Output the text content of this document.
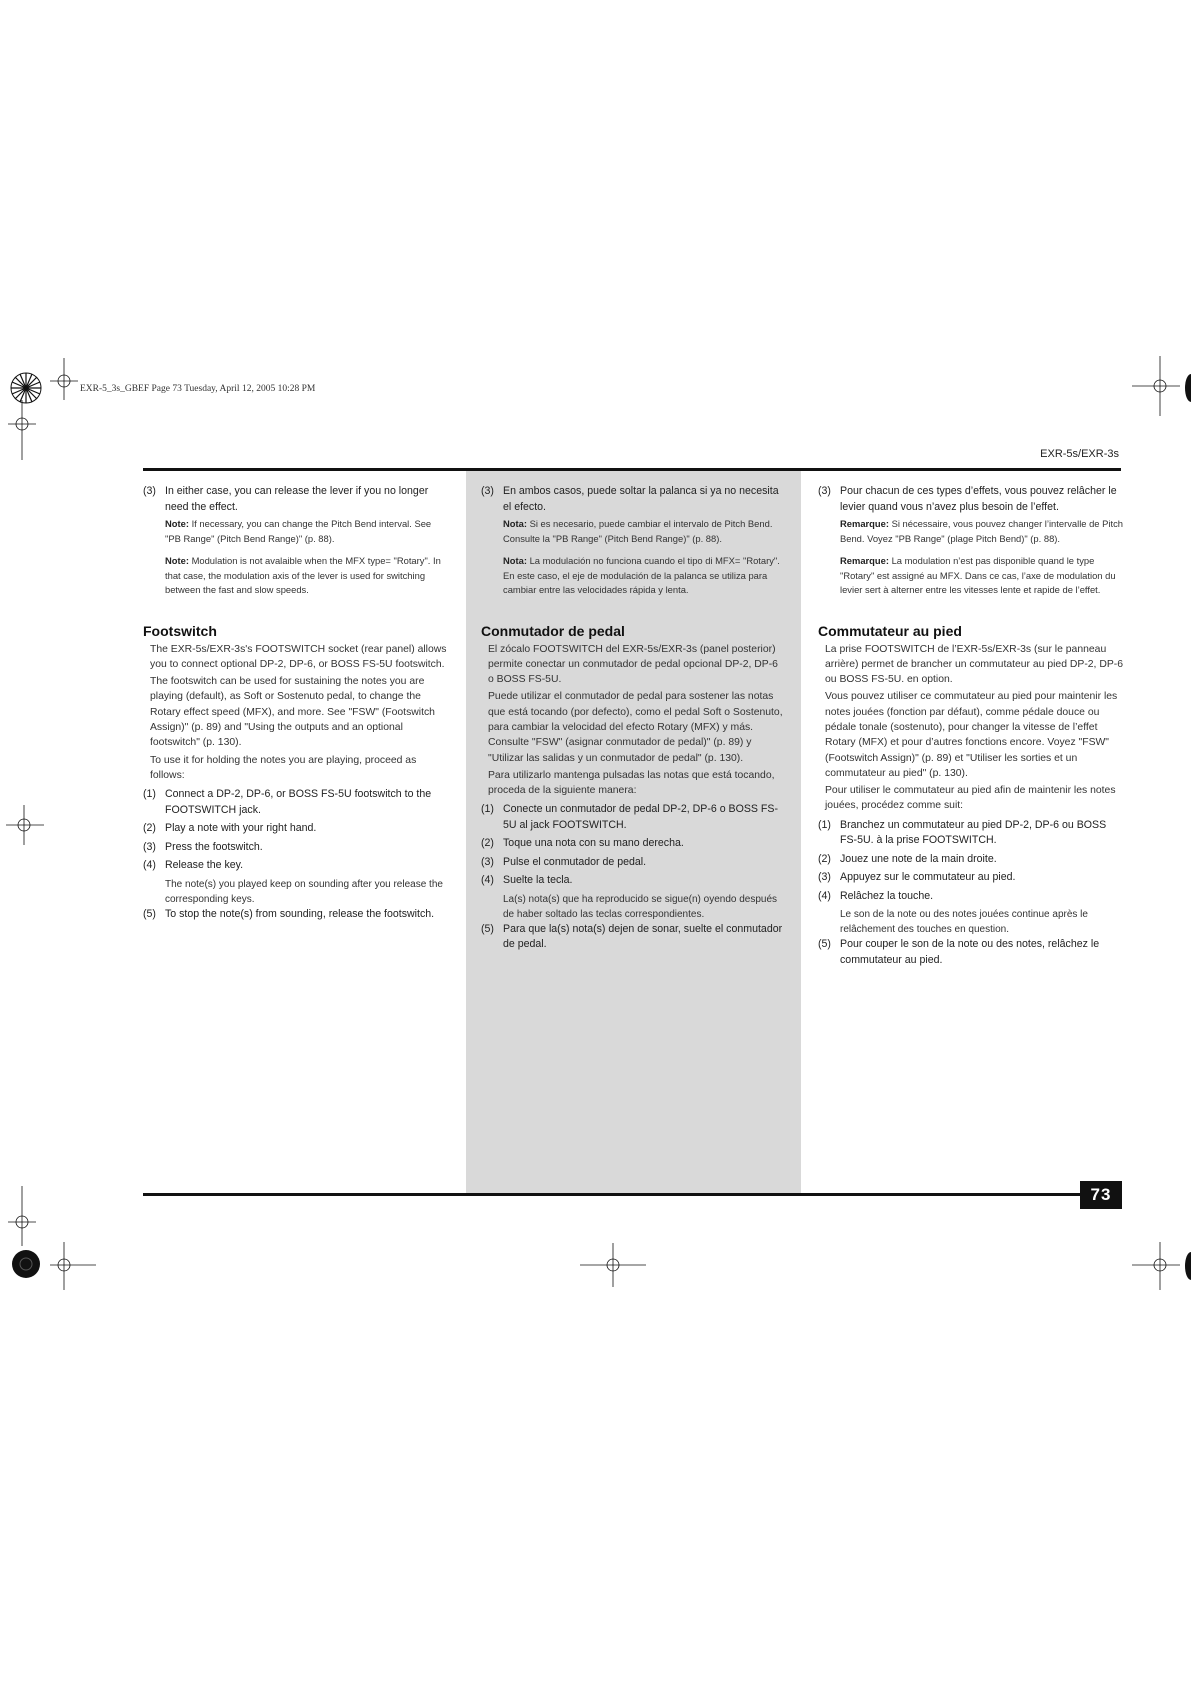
EXR-5_3s_GBEF Page 73 Tuesday, April 12, 2005 10:28 PM
EXR-5s/EXR-3s

(3) In either case, you can release the lever if you no longer need the effect.

Note: If necessary, you can change the Pitch Bend interval. See "PB Range" (Pitch Bend Range)" (p. 88).

Note: Modulation is not avalaible when the MFX type= "Rotary". In that case, the modulation axis of the lever is used for switching between the fast and slow speeds.

Footswitch

The EXR-5s/EXR-3s's FOOTSWITCH socket (rear panel) allows you to connect optional DP-2, DP-6, or BOSS FS-5U footswitch.

The footswitch can be used for sustaining the notes you are playing (default), as Soft or Sostenuto pedal, to change the Rotary effect speed (MFX), and more. See "FSW" (Footswitch Assign)" (p. 89) and "Using the outputs and an optional footswitch" (p. 130).

To use it for holding the notes you are playing, proceed as follows:

(1) Connect a DP-2, DP-6, or BOSS FS-5U footswitch to the FOOTSWITCH jack.

(2) Play a note with your right hand.

(3) Press the footswitch.

(4) Release the key.

The note(s) you played keep on sounding after you release the corresponding keys.

(5) To stop the note(s) from sounding, release the footswitch.

(3) En ambos casos, puede soltar la palanca si ya no necesita el efecto.

Nota: Si es necesario, puede cambiar el intervalo de Pitch Bend. Consulte la "PB Range" (Pitch Bend Range)" (p. 88).

Nota: La modulación no funciona cuando el tipo di MFX= "Rotary". En este caso, el eje de modulación de la palanca se utiliza para cambiar entre las velocidades rápida y lenta.

Conmutador de pedal

El zócalo FOOTSWITCH del EXR-5s/EXR-3s (panel posterior) permite conectar un conmutador de pedal opcional DP-2, DP-6 o BOSS FS-5U.

Puede utilizar el conmutador de pedal para sostener las notas que está tocando (por defecto), como el pedal Soft o Sostenuto, para cambiar la velocidad del efecto Rotary (MFX) y más. Consulte "FSW" (asignar conmutador de pedal)" (p. 89) y "Utilizar las salidas y un conmutador de pedal" (p. 130).

Para utilizarlo mantenga pulsadas las notas que está tocando, proceda de la siguiente manera:

(1) Conecte un conmutador de pedal DP-2, DP-6 o BOSS FS-5U al jack FOOTSWITCH.

(2) Toque una nota con su mano derecha.

(3) Pulse el conmutador de pedal.

(4) Suelte la tecla.

La(s) nota(s) que ha reproducido se sigue(n) oyendo después de haber soltado las teclas correspondientes.

(5) Para que la(s) nota(s) dejen de sonar, suelte el conmutador de pedal.

(3) Pour chacun de ces types d’effets, vous pouvez relâcher le levier quand vous n’avez plus besoin de l’effet.

Remarque: Si nécessaire, vous pouvez changer l’intervalle de Pitch Bend. Voyez "PB Range" (plage Pitch Bend)" (p. 88).

Remarque: La modulation n’est pas disponible quand le type "Rotary" est assigné au MFX. Dans ce cas, l’axe de modulation du levier sert à alterner entre les vitesses lente et rapide de l’effet.

Commutateur au pied

La prise FOOTSWITCH de l’EXR-5s/EXR-3s (sur le panneau arrière) permet de brancher un commutateur au pied DP-2, DP-6 ou BOSS FS-5U. en option.

Vous pouvez utiliser ce commutateur au pied pour maintenir les notes jouées (fonction par défaut), comme pédale douce ou pédale tonale (sostenuto), pour changer la vitesse de l’effet Rotary (MFX) et pour d’autres fonctions encore. Voyez "FSW" (Footswitch Assign)" (p. 89) et "Utiliser les sorties et un commutateur au pied" (p. 130).

Pour utiliser le commutateur au pied afin de maintenir les notes jouées, procédez comme suit:

(1) Branchez un commutateur au pied DP-2, DP-6 ou BOSS FS-5U. à la prise FOOTSWITCH.

(2) Jouez une note de la main droite.

(3) Appuyez sur le commutateur au pied.

(4) Relâchez la touche.

Le son de la note ou des notes jouées continue après le relâchement des touches en question.

(5) Pour couper le son de la note ou des notes, relâchez le commutateur au pied.

73
